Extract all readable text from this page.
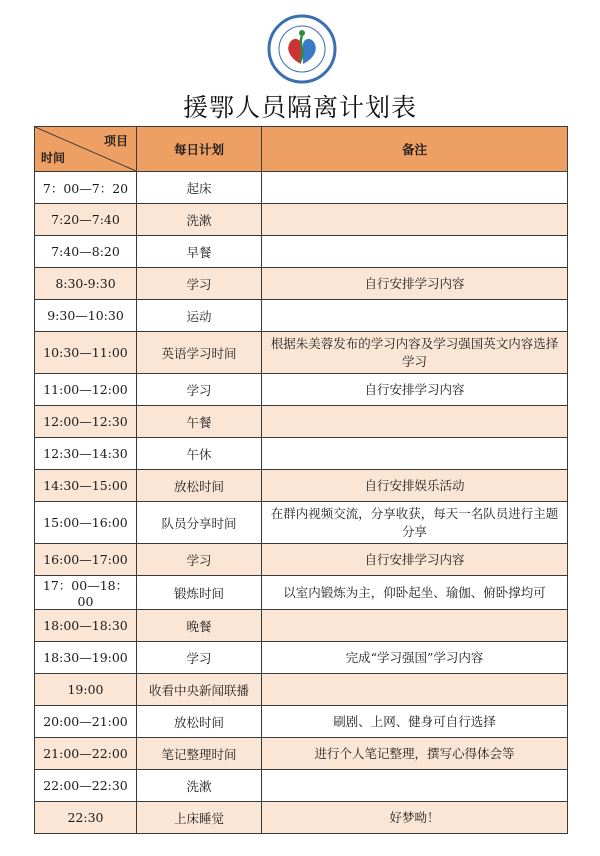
援鄂人员隔离计划表
项目
时间	每日计划	备注
7：00—7：20	起床	
7:20—7:40	洗漱	
7:40—8:20	早餐	
8:30-9:30	学习	自行安排学习内容
9:30—10:30	运动	
10:30—11:00	英语学习时间	根据朱美蓉发布的学习内容及学习强国英文内容选择学习
11:00—12:00	学习	自行安排学习内容
12:00—12:30	午餐	
12:30—14:30	午休	
14:30—15:00	放松时间	自行安排娱乐活动
15:00—16:00	队员分享时间	在群内视频交流，分享收获，每天一名队员进行主题分享
16:00—17:00	学习	自行安排学习内容
17：00—18：00	锻炼时间	以室内锻炼为主，仰卧起坐、瑜伽、俯卧撑均可
18:00—18:30	晚餐	
18:30—19:00	学习	完成“学习强国”学习内容
19:00	收看中央新闻联播	
20:00—21:00	放松时间	刷剧、上网、健身可自行选择
21:00—22:00	笔记整理时间	进行个人笔记整理，撰写心得体会等
22:00—22:30	洗漱	
22:30	上床睡觉	好梦呦！
